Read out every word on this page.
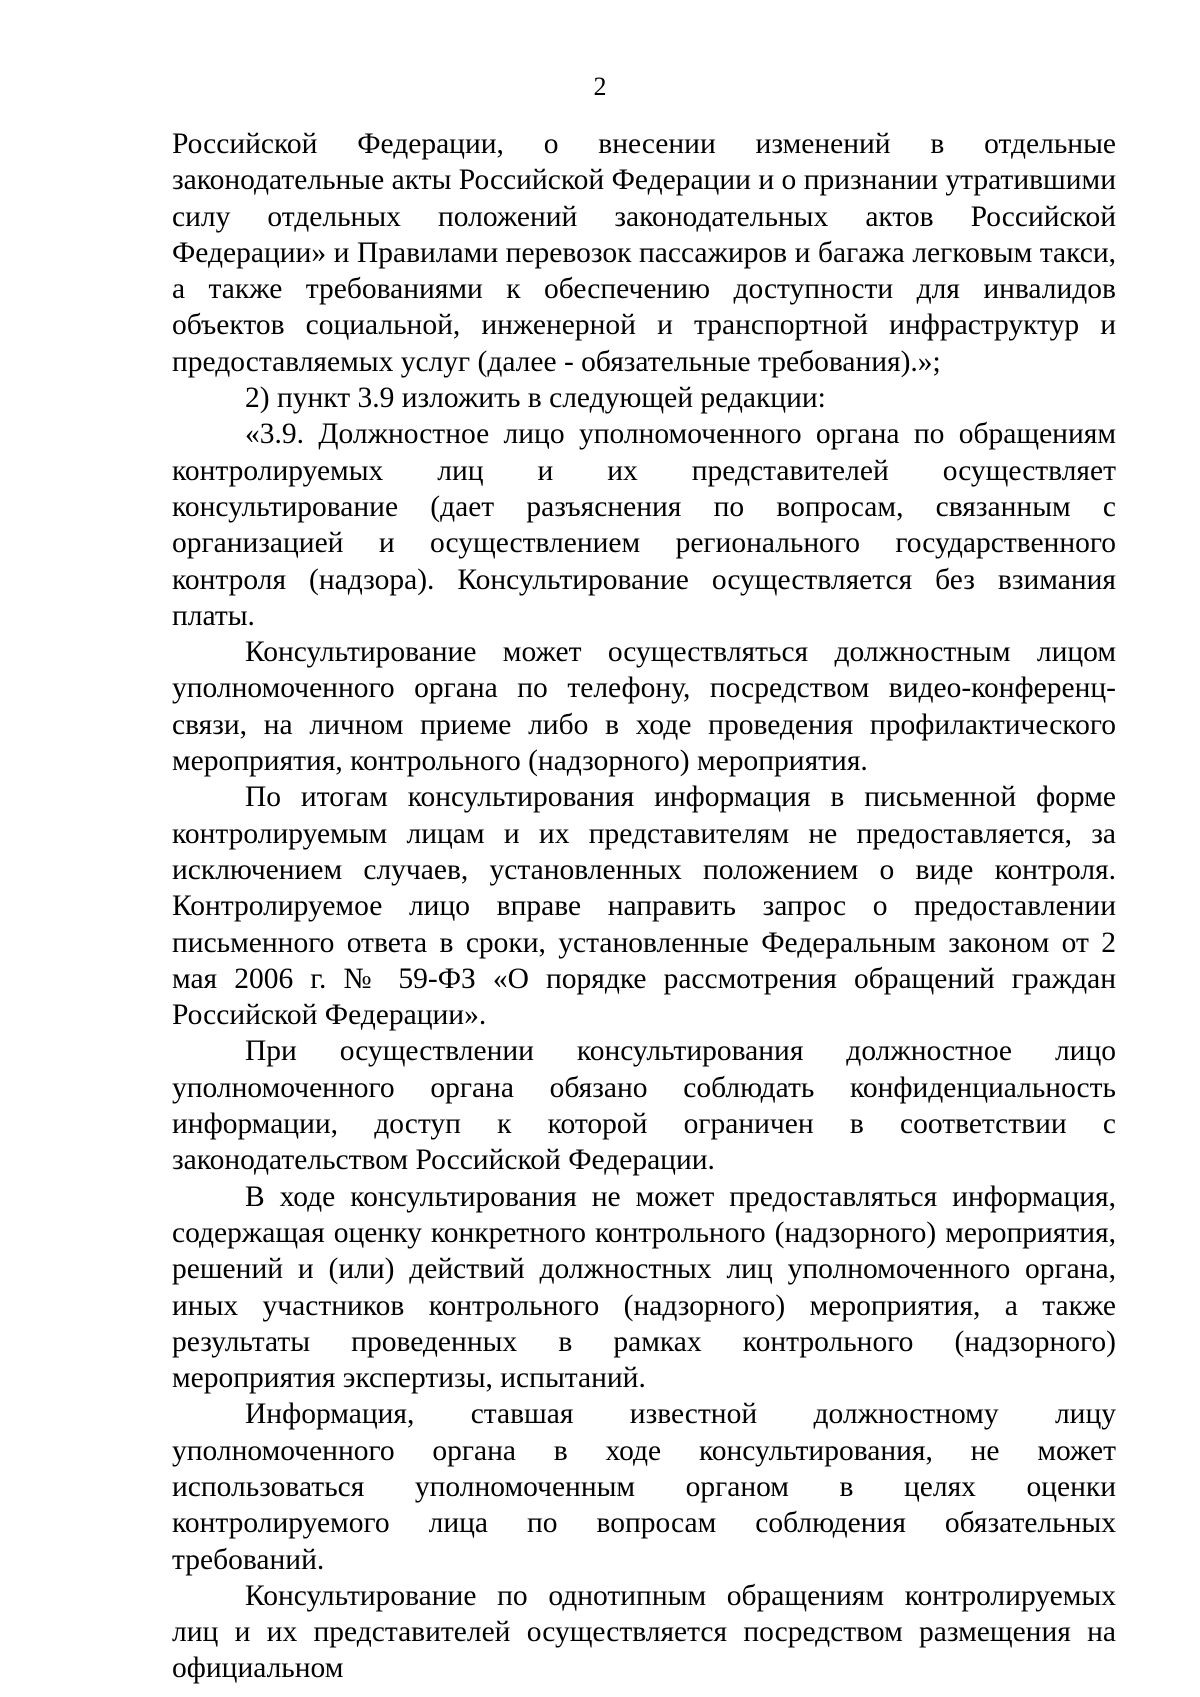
2

Российской Федерации, о внесении изменений в отдельные законодательные акты Российской Федерации и о признании утратившими силу отдельных положений законодательных актов Российской Федерации» и Правилами перевозок пассажиров и багажа легковым такси, а также требованиями к обеспечению доступности для инвалидов объектов социальной, инженерной и транспортной инфраструктур и предоставляемых услуг (далее - обязательные требования).»;

2) пункт 3.9 изложить в следующей редакции:

«3.9. Должностное лицо уполномоченного органа по обращениям контролируемых лиц и их представителей осуществляет консультирование (дает разъяснения по вопросам, связанным с организацией и осуществлением регионального государственного контроля (надзора). Консультирование осуществляется без взимания платы.

Консультирование может осуществляться должностным лицом уполномоченного органа по телефону, посредством видео-конференц-связи, на личном приеме либо в ходе проведения профилактического мероприятия, контрольного (надзорного) мероприятия.

По итогам консультирования информация в письменной форме контролируемым лицам и их представителям не предоставляется, за исключением случаев, установленных положением о виде контроля. Контролируемое лицо вправе направить запрос о предоставлении письменного ответа в сроки, установленные Федеральным законом от 2 мая 2006 г. № 59-ФЗ «О порядке рассмотрения обращений граждан Российской Федерации».

При осуществлении консультирования должностное лицо уполномоченного органа обязано соблюдать конфиденциальность информации, доступ к которой ограничен в соответствии с законодательством Российской Федерации.

В ходе консультирования не может предоставляться информация, содержащая оценку конкретного контрольного (надзорного) мероприятия, решений и (или) действий должностных лиц уполномоченного органа, иных участников контрольного (надзорного) мероприятия, а также результаты проведенных в рамках контрольного (надзорного) мероприятия экспертизы, испытаний.

Информация, ставшая известной должностному лицу уполномоченного органа в ходе консультирования, не может использоваться уполномоченным органом в целях оценки контролируемого лица по вопросам соблюдения обязательных требований.

Консультирование по однотипным обращениям контролируемых лиц и их представителей осуществляется посредством размещения на официальном
